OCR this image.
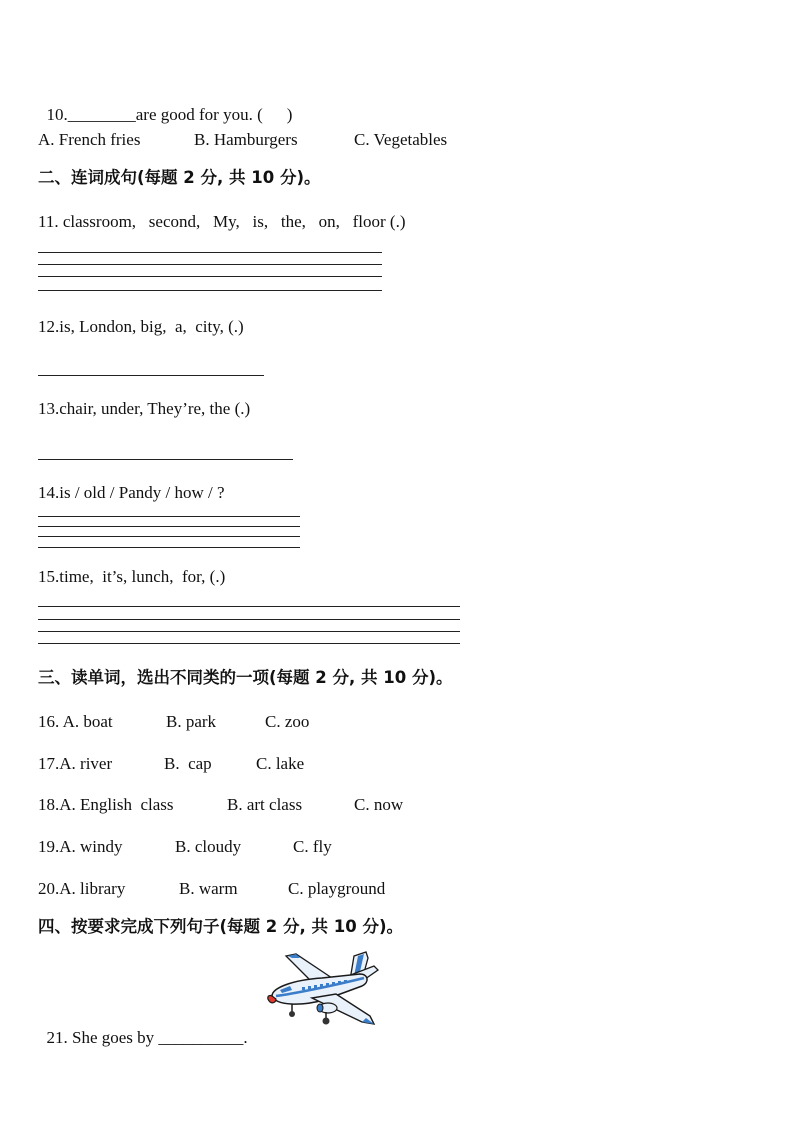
10.________are good for you. ( )

A. French fries	B. Hamburgers	C. Vegetables
二、连词成句(每题 2 分, 共 10 分)。
11. classroom,   second,   My,   is,   the,   on,   floor (.)
12.is, London, big,  a,  city, (.)
13.chair, under, They’re, the (.)
14.is / old / Pandy / how / ?
15.time,  it’s, lunch,  for, (.)
三、读单词，选出不同类的一项(每题 2 分, 共 10 分)。
16. A. boat	B. park	C. zoo
17.A. river	B.  cap	C. lake
18.A. English  class	B. art class	C. now
19.A. windy	B. cloudy	C. fly
20.A. library	B. warm	C. playground
四、按要求完成下列句子(每题 2 分, 共 10 分)。

21. She goes by __________.
